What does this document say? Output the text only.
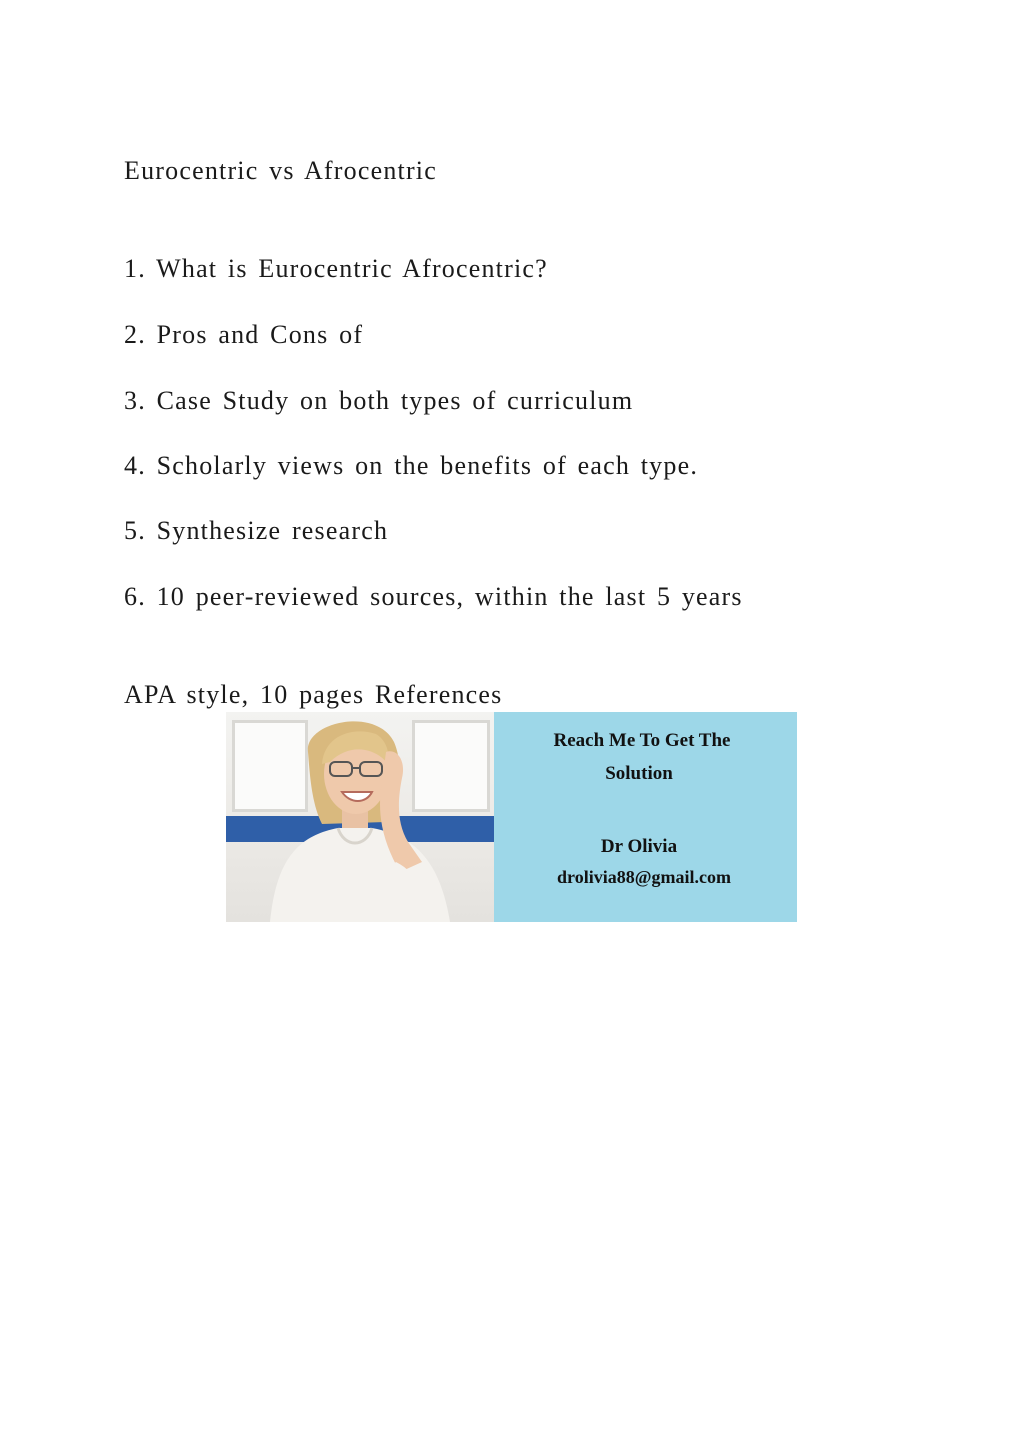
Eurocentric vs Afrocentric

1. What is Eurocentric Afrocentric?

2. Pros and Cons of

3. Case Study on both types of curriculum

4. Scholarly views on the benefits of each type.

5. Synthesize research

6. 10 peer-reviewed sources, within the last 5 years

APA style, 10 pages References

Reach Me To Get The

Solution

Dr Olivia

drolivia88@gmail.com
